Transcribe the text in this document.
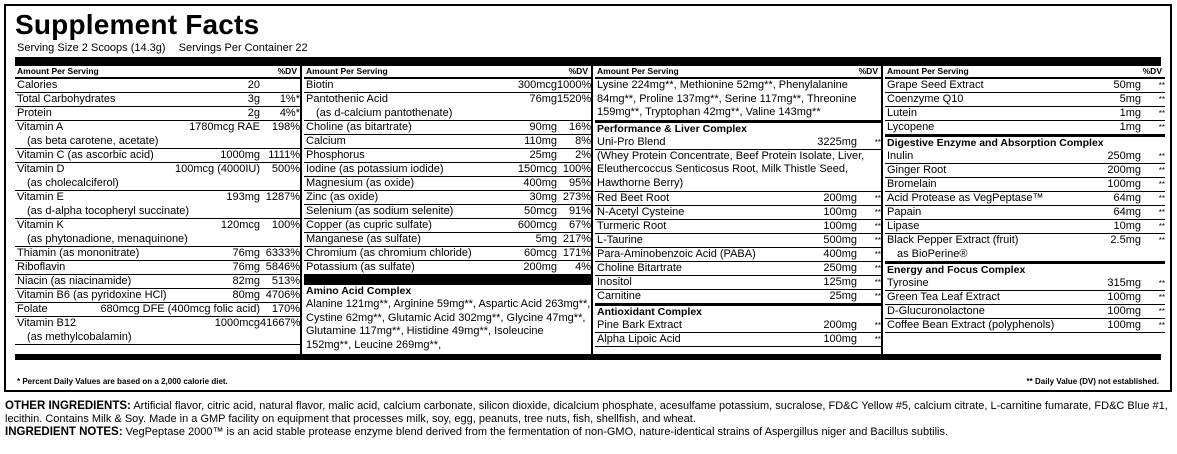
Supplement Facts
Serving Size 2 Scoops (14.3g) Servings Per Container 22
Amount Per Serving	%DV
Calories	20
Total Carbohydrates	3g	1%*
Protein	2g	4%*
Vitamin A	1780mcg RAE	198%
(as beta carotene, acetate)
Vitamin C (as ascorbic acid)	1000mg 1111%
Vitamin D	100mcg (4000IU)	500%
(as cholecalciferol)
Vitamin E	193mg 1287%
(as d-alpha tocopheryl succinate)
Vitamin K	120mcg	100%
(as phytonadione, menaquinone)
Thiamin (as mononitrate)	76mg 6333%
Riboflavin	76mg 5846%
Niacin (as niacinamide)	82mg	513%
Vitamin B6 (as pyridoxine HCl)	80mg 4706%
Folate	680mcg DFE (400mcg folic acid)	170%
Vitamin B12	1000mcg 41667%
(as methylcobalamin)
Amount Per Serving	%DV
Biotin	300mcg 1000%
Pantothenic Acid	76mg 1520%
(as d-calcium pantothenate)
Choline (as bitartrate)	90mg	16%
Calcium	110mg	8%
Phosphorus	25mg	2%
Iodine (as potassium iodide)	150mcg 100%
Magnesium (as oxide)	400mg	95%
Zinc (as oxide)	30mg 273%
Selenium (as sodium selenite)	50mcg	91%
Copper (as cupric sulfate)	600mcg	67%
Manganese (as sulfate)	5mg 217%
Chromium (as chromium chloride)	60mcg 171%
Potassium (as sulfate)	200mg	4%
Amino Acid Complex
Alanine 121mg**, Arginine 59mg**, Aspartic Acid 263mg**, Cystine 62mg**, Glutamic Acid 302mg**, Glycine 47mg**, Glutamine 117mg**, Histidine 49mg**, Isoleucine 152mg**, Leucine 269mg**,
Amount Per Serving	%DV
Lysine 224mg**, Methionine 52mg**, Phenylalanine 84mg**, Proline 137mg**, Serine 117mg**, Threonine 159mg**, Tryptophan 42mg**, Valine 143mg**
Performance & Liver Complex
Uni-Pro Blend	3225mg	**
(Whey Protein Concentrate, Beef Protein Isolate, Liver, Eleuthercoccus Senticosus Root, Milk Thistle Seed, Hawthorne Berry)
Red Beet Root	200mg	**
N-Acetyl Cysteine	100mg	**
Turmeric Root	100mg	**
L-Taurine	500mg	**
Para-Aminobenzoic Acid (PABA)	400mg	**
Choline Bitartrate	250mg	**
Inositol	125mg	**
Carnitine	25mg	**
Antioxidant Complex
Pine Bark Extract	200mg	**
Alpha Lipoic Acid	100mg	**
Amount Per Serving	%DV
Grape Seed Extract	50mg	**
Coenzyme Q10	5mg	**
Lutein	1mg	**
Lycopene	1mg	**
Digestive Enzyme and Absorption Complex
Inulin	250mg	**
Ginger Root	200mg	**
Bromelain	100mg	**
Acid Protease as VegPeptase™	64mg	**
Papain	64mg	**
Lipase	10mg	**
Black Pepper Extract (fruit)	2.5mg	**
as BioPerine®
Energy and Focus Complex
Tyrosine	315mg	**
Green Tea Leaf Extract	100mg	**
D-Glucuronolactone	100mg	**
Coffee Bean Extract (polyphenols)	100mg	**
* Percent Daily Values are based on a 2,000 calorie diet.	** Daily Value (DV) not established.
OTHER INGREDIENTS: Artificial flavor, citric acid, natural flavor, malic acid, calcium carbonate, silicon dioxide, dicalcium phosphate, acesulfame potassium, sucralose, FD&C Yellow #5, calcium citrate, L-carnitine fumarate, FD&C Blue #1, lecithin. Contains Milk & Soy. Made in a GMP facility on equipment that processes milk, soy, egg, peanuts, tree nuts, fish, shellfish, and wheat.
INGREDIENT NOTES: VegPeptase 2000™ is an acid stable protease enzyme blend derived from the fermentation of non-GMO, nature-identical strains of Aspergillus niger and Bacillus subtilis.
